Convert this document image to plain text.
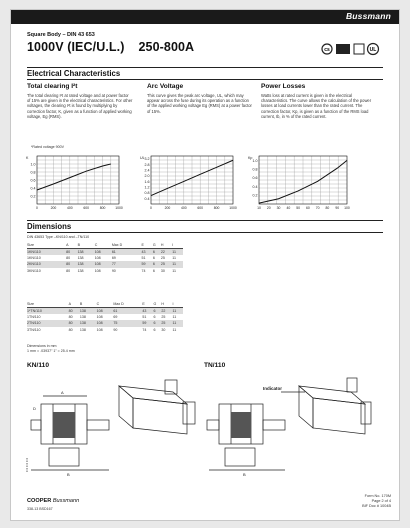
Bussmann
Square Body – DIN 43 653
1000V (IEC/U.L.) 250-800A	cs	UL
Electrical Characteristics
Total clearing I²t
The total clearing I²t at rated voltage and at power factor of 15% are given in the electrical characteristics. For other voltages, the clearing I²t is found by multiplying by correction factor, K, given as a function of applied working voltage, Eg (RMS).
Arc Voltage
This curve gives the peak arc voltage, UL, which may appear across the fuse during its operation as a function of the applied working voltage Eg (RMS) at a power factor of 15%.
Power Losses
Watts loss at rated current is given in the electrical characteristics. The curve allows the calculation of the power losses at load currents lower than the rated current. The correction factor, Kp, is given as a function of the RMS load current, Ib, in % of the rated current.
*Rated voltage 900V
1.0
0.8
0.6
0.4
0.2
0	200	400	600	800	1000
K	3.2
2.8
2.4
2.0
1.6
1.2
0.8
0.4
0	200	400	600	800	1000
UL
1.0
0.8
0.6
0.4
0.2
10 20 30 40 50 60 70 80 90 100
Kp
Dimensions
DIN 43653 Type –KN/110 and –TN/110
Size	A	B	C	Max D	E	G	H	I
1KN/110	80	138	108	61	43	6	22	11
1KN/110	80	138	108	69	51	6	25	11
2KN/110	80	138	108	77	59	6	25	11
3KN/110	80	138	108	90	74	6	30	11
Size	A	B	C	Max D	E	G	H	I
1*TN/110	80	138	108	61	43	6	22	11
1TN/110	80	138	108	69	51	6	25	11
2TN/110	80	138	108	75	59	6	25	11
3TN/110	80	138	108	90	74	6	30	11
Dimensions in mm
1 mm = .03937" 1" = 25.4 mm
KN/110	TN/110
D
A
B
Indicator
B
COOPER Bussmann
338-13 BSD167
Form No. 170M
Page 2 of 4
BIF Doc # 1004B
